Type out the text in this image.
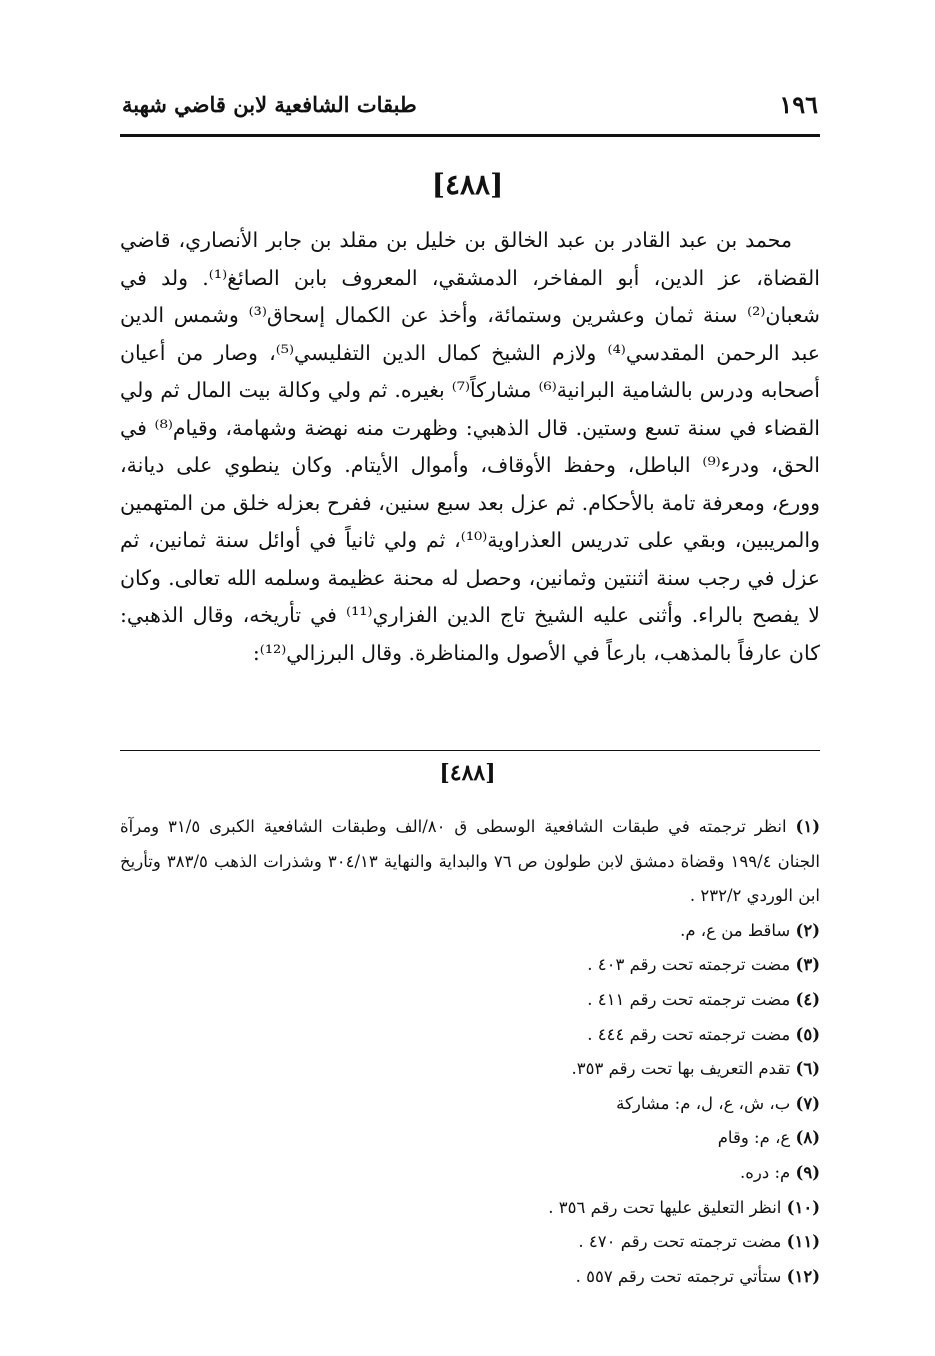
١٩٦
طبقات الشافعية لابن قاضي شهبة
[٤٨٨]

محمد بن عبد القادر بن عبد الخالق بن خليل بن مقلد بن جابر الأنصاري، قاضي القضاة، عز الدين، أبو المفاخر، الدمشقي، المعروف بابن الصائغ⁽¹⁾. ولد في شعبان⁽²⁾ سنة ثمان وعشرين وستمائة، وأخذ عن الكمال إسحاق⁽³⁾ وشمس الدين عبد الرحمن المقدسي⁽⁴⁾ ولازم الشيخ كمال الدين التفليسي⁽⁵⁾، وصار من أعيان أصحابه ودرس بالشامية البرانية⁽⁶⁾ مشاركاً⁽⁷⁾ بغيره. ثم ولي وكالة بيت المال ثم ولي القضاء في سنة تسع وستين. قال الذهبي: وظهرت منه نهضة وشهامة، وقيام⁽⁸⁾ في الحق، ودرء⁽⁹⁾ الباطل، وحفظ الأوقاف، وأموال الأيتام. وكان ينطوي على ديانة، وورع، ومعرفة تامة بالأحكام. ثم عزل بعد سبع سنين، ففرح بعزله خلق من المتهمين والمريبين، وبقي على تدريس العذراوية⁽¹⁰⁾، ثم ولي ثانياً في أوائل سنة ثمانين، ثم عزل في رجب سنة اثنتين وثمانين، وحصل له محنة عظيمة وسلمه الله تعالى. وكان لا يفصح بالراء. وأثنى عليه الشيخ تاج الدين الفزاري⁽¹¹⁾ في تأريخه، وقال الذهبي: كان عارفاً بالمذهب، بارعاً في الأصول والمناظرة. وقال البرزالي⁽¹²⁾:

[٤٨٨]
(١) انظر ترجمته في طبقات الشافعية الوسطى ق ٨٠/الف وطبقات الشافعية الكبرى ٣١/٥ ومرآة الجنان ١٩٩/٤ وقضاة دمشق لابن طولون ص ٧٦ والبداية والنهاية ٣٠٤/١٣ وشذرات الذهب ٣٨٣/٥ وتأريخ ابن الوردي ٢٣٢/٢ .
(٢) ساقط من ع، م.
(٣) مضت ترجمته تحت رقم ٤٠٣ .
(٤) مضت ترجمته تحت رقم ٤١١ .
(٥) مضت ترجمته تحت رقم ٤٤٤ .
(٦) تقدم التعريف بها تحت رقم ٣٥٣.
(٧) ب، ش، ع، ل، م: مشاركة
(٨) ع، م: وقام
(٩) م: دره.
(١٠) انظر التعليق عليها تحت رقم ٣٥٦ .
(١١) مضت ترجمته تحت رقم ٤٧٠ .
(١٢) ستأتي ترجمته تحت رقم ٥٥٧ .
